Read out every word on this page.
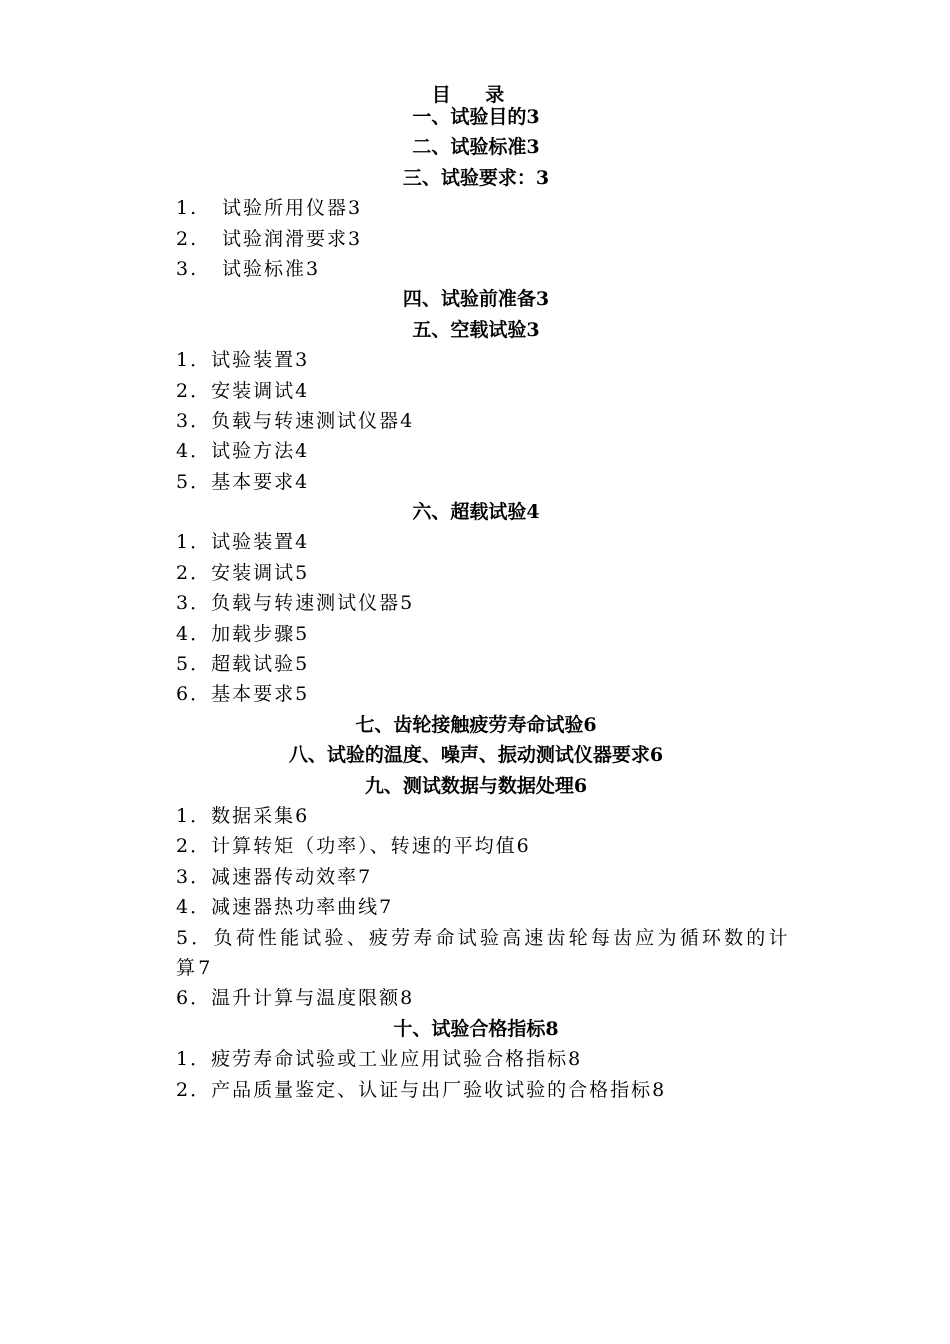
目 录
一、试验目的3
二、试验标准3
三、试验要求：3
1. 试验所用仪器3
2. 试验润滑要求3
3. 试验标准3
四、试验前准备3
五、空载试验3
1．试验装置3
2．安装调试4
3．负载与转速测试仪器4
4．试验方法4
5．基本要求4
六、超载试验4
1．试验装置4
2．安装调试5
3．负载与转速测试仪器5
4．加载步骤5
5．超载试验5
6．基本要求5
七、齿轮接触疲劳寿命试验6
八、试验的温度、噪声、振动测试仪器要求6
九、测试数据与数据处理6
1．数据采集6
2．计算转矩（功率）、转速的平均值6
3．减速器传动效率7
4．减速器热功率曲线7
5．负荷性能试验、疲劳寿命试验高速齿轮每齿应为循环数的计算7
6．温升计算与温度限额8
十、试验合格指标8
1．疲劳寿命试验或工业应用试验合格指标8
2．产品质量鉴定、认证与出厂验收试验的合格指标8
